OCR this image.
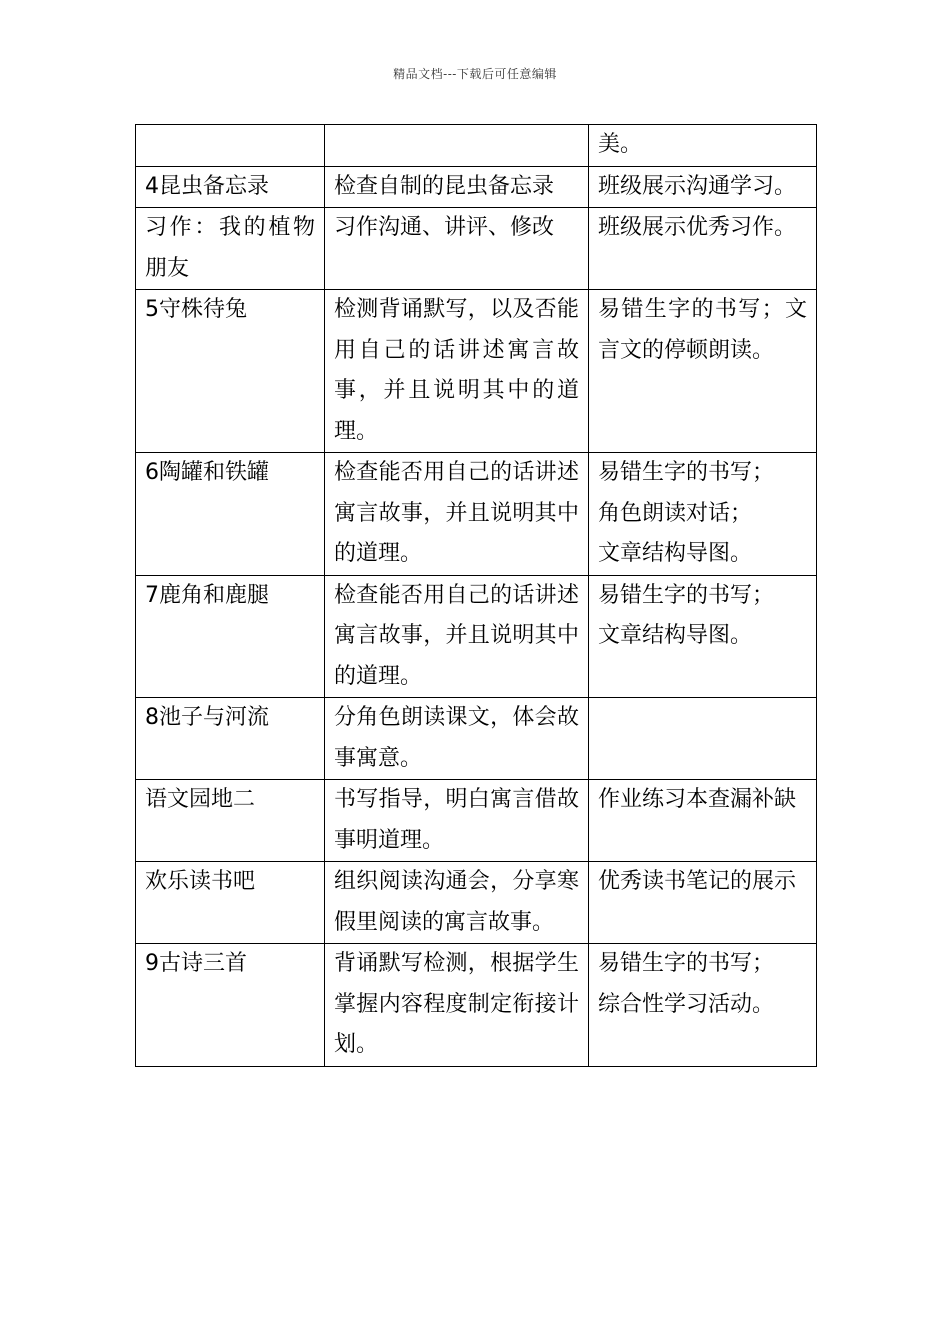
精品文档---下载后可任意编辑
		美。
4昆虫备忘录	检查自制的昆虫备忘录	班级展示沟通学习。
习作：我的植物朋友	习作沟通、讲评、修改	班级展示优秀习作。
5守株待兔	检测背诵默写，以及否能用自己的话讲述寓言故事，并且说明其中的道理。	易错生字的书写；文言文的停顿朗读。
6陶罐和铁罐	检查能否用自己的话讲述寓言故事，并且说明其中的道理。	易错生字的书写；
角色朗读对话；
文章结构导图。

7鹿角和鹿腿	检查能否用自己的话讲述寓言故事，并且说明其中的道理。	易错生字的书写；
文章结构导图。

8池子与河流	分角色朗读课文，体会故事寓意。	
语文园地二	书写指导，明白寓言借故事明道理。	作业练习本查漏补缺
欢乐读书吧	组织阅读沟通会，分享寒假里阅读的寓言故事。	优秀读书笔记的展示
9古诗三首	背诵默写检测，根据学生掌握内容程度制定衔接计划。	易错生字的书写；
综合性学习活动。
